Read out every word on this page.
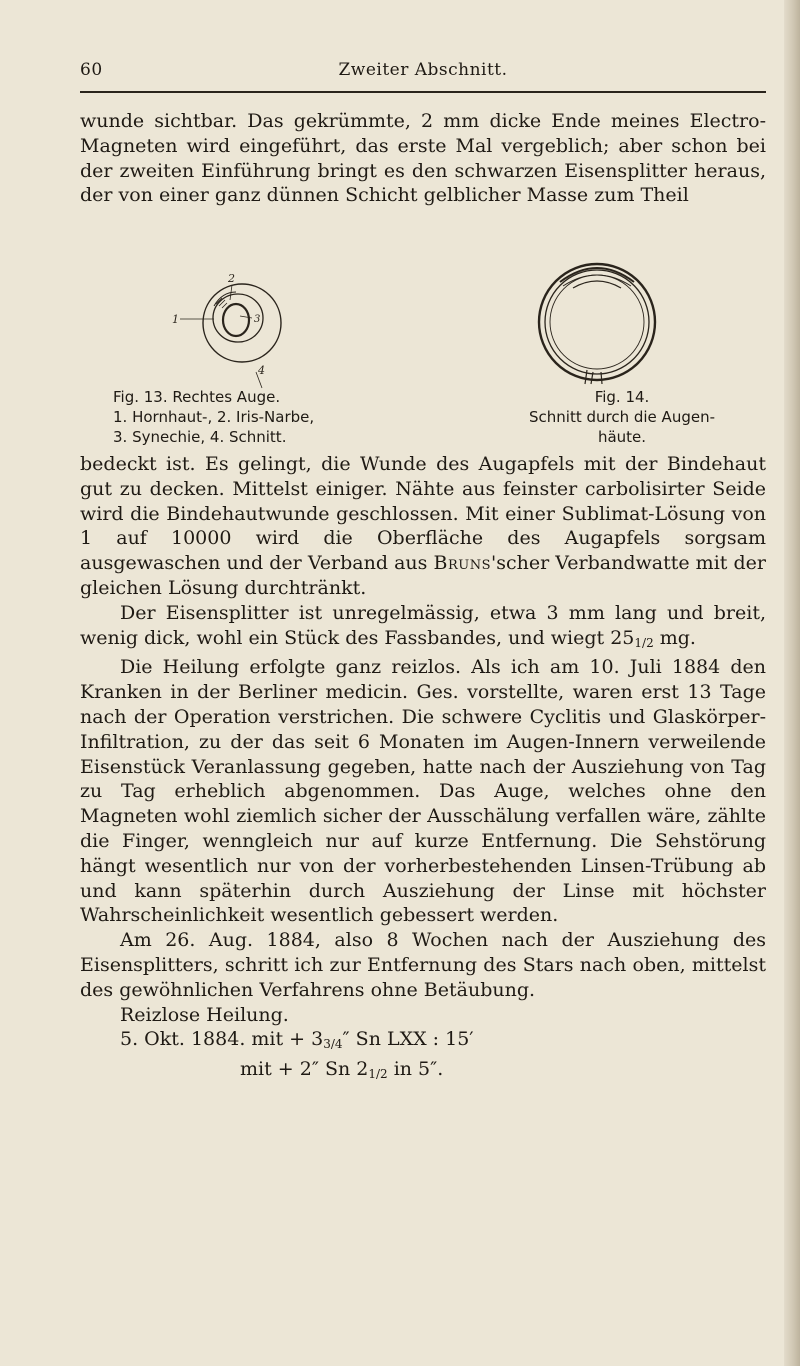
60	Zweiter Abschnitt.

wunde sichtbar. Das gekrümmte, 2 mm dicke Ende meines Electro-Magneten wird eingeführt, das erste Mal vergeblich; aber schon bei der zweiten Einführung bringt es den schwarzen Eisensplitter heraus, der von einer ganz dünnen Schicht gelblicher Masse zum Theil

2
1	3
4
Fig. 13. Rechtes Auge.
1. Hornhaut-, 2. Iris-Narbe,
3. Synechie, 4. Schnitt.
Fig. 14.
Schnitt durch die Augen-
häute.
bedeckt ist. Es gelingt, die Wunde des Augapfels mit der Bindehaut gut zu decken. Mittelst einiger. Nähte aus feinster carbolisirter Seide wird die Bindehautwunde geschlossen. Mit einer Sublimat-Lösung von 1 auf 10000 wird die Oberfläche des Augapfels sorgsam ausgewaschen und der Verband aus Bruns'scher Verbandwatte mit der gleichen Lösung durchtränkt.
Der Eisensplitter ist unregelmässig, etwa 3 mm lang und breit, wenig dick, wohl ein Stück des Fassbandes, und wiegt $25_{1/2}$ mg.
Die Heilung erfolgte ganz reizlos. Als ich am 10. Juli 1884 den Kranken in der Berliner medicin. Ges. vorstellte, waren erst 13 Tage nach der Operation verstrichen. Die schwere Cyclitis und Glaskörper-Infiltration, zu der das seit 6 Monaten im Augen-Innern verweilende Eisenstück Veranlassung gegeben, hatte nach der Ausziehung von Tag zu Tag erheblich abgenommen. Das Auge, welches ohne den Magneten wohl ziemlich sicher der Ausschälung verfallen wäre, zählte die Finger, wenngleich nur auf kurze Entfernung. Die Sehstörung hängt wesentlich nur von der vorherbestehenden Linsen-Trübung ab und kann späterhin durch Ausziehung der Linse mit höchster Wahrscheinlichkeit wesentlich gebessert werden.
Am 26. Aug. 1884, also 8 Wochen nach der Ausziehung des Eisensplitters, schritt ich zur Entfernung des Stars nach oben, mittelst des gewöhnlichen Verfahrens ohne Betäubung.
Reizlose Heilung.
5. Okt. 1884. mit + $3_{3/4}''$ Sn LXX : 15′
mit + 2″ Sn $2_{1/2}$ in 5″.
